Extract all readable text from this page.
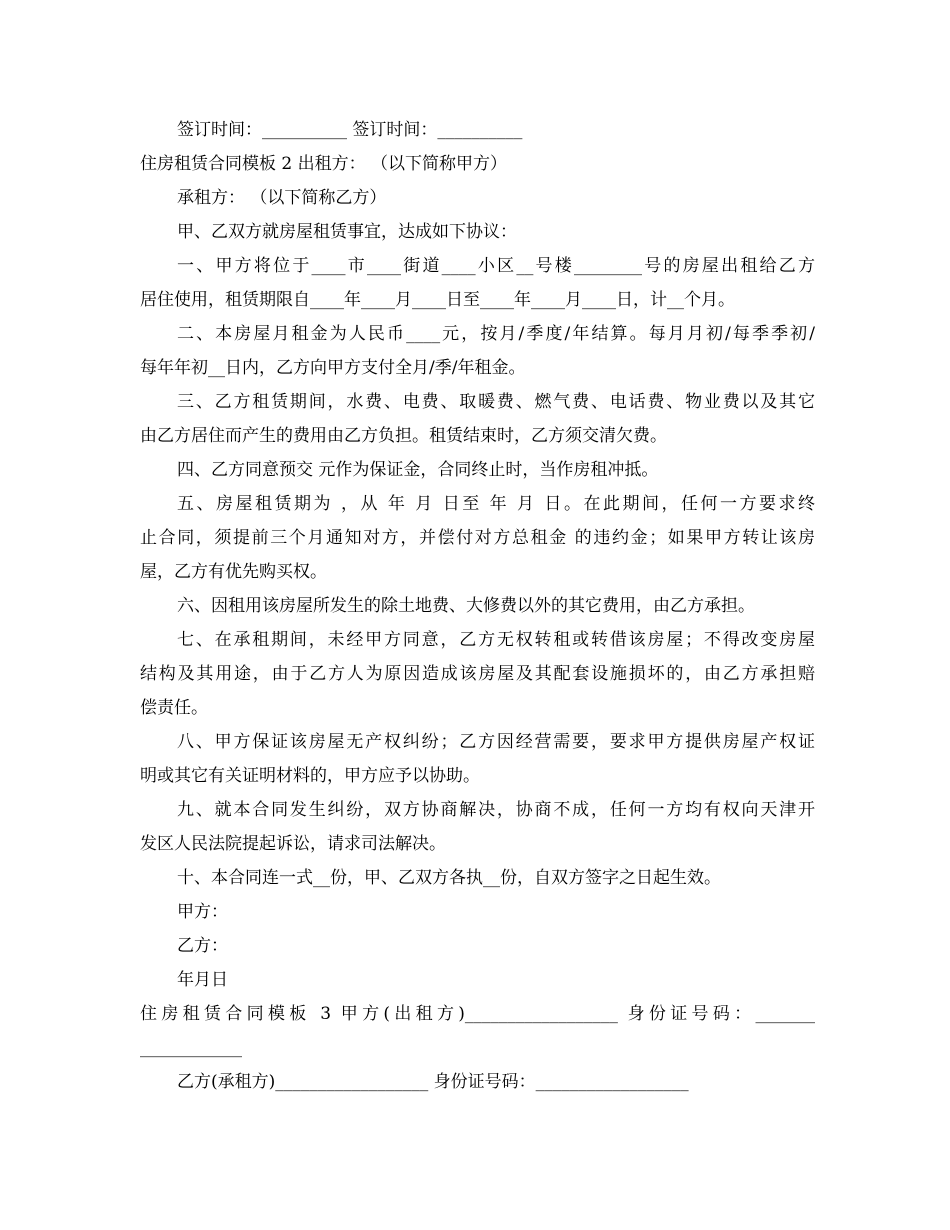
签订时间：__________ 签订时间：__________
住房租赁合同模板 2 出租方： （以下简称甲方）
承租方： （以下简称乙方）
甲、乙双方就房屋租赁事宜，达成如下协议：
一、甲方将位于____市____街道____小区__号楼________号的房屋出租给乙方
居住使用，租赁期限自____年____月____日至____年____月____日，计__个月。
二、本房屋月租金为人民币____元，按月/季度/年结算。每月月初/每季季初/
每年年初__日内，乙方向甲方支付全月/季/年租金。
三、乙方租赁期间，水费、电费、取暖费、燃气费、电话费、物业费以及其它
由乙方居住而产生的费用由乙方负担。租赁结束时，乙方须交清欠费。
四、乙方同意预交 元作为保证金，合同终止时，当作房租冲抵。
五、房屋租赁期为 ，从 年 月 日至 年 月 日。在此期间，任何一方要求终
止合同，须提前三个月通知对方，并偿付对方总租金 的违约金；如果甲方转让该房
屋，乙方有优先购买权。
六、因租用该房屋所发生的除土地费、大修费以外的其它费用，由乙方承担。
七、在承租期间，未经甲方同意，乙方无权转租或转借该房屋；不得改变房屋
结构及其用途，由于乙方人为原因造成该房屋及其配套设施损坏的，由乙方承担赔
偿责任。
八、甲方保证该房屋无产权纠纷；乙方因经营需要，要求甲方提供房屋产权证
明或其它有关证明材料的，甲方应予以协助。
九、就本合同发生纠纷，双方协商解决，协商不成，任何一方均有权向天津开
发区人民法院提起诉讼，请求司法解决。
十、本合同连一式__份，甲、乙双方各执__份，自双方签字之日起生效。
甲方：
乙方：
年月日
住房租赁合同模板 3 甲方(出租方)__________________ 身份证号码：_______
____________
乙方(承租方)__________________ 身份证号码：__________________
